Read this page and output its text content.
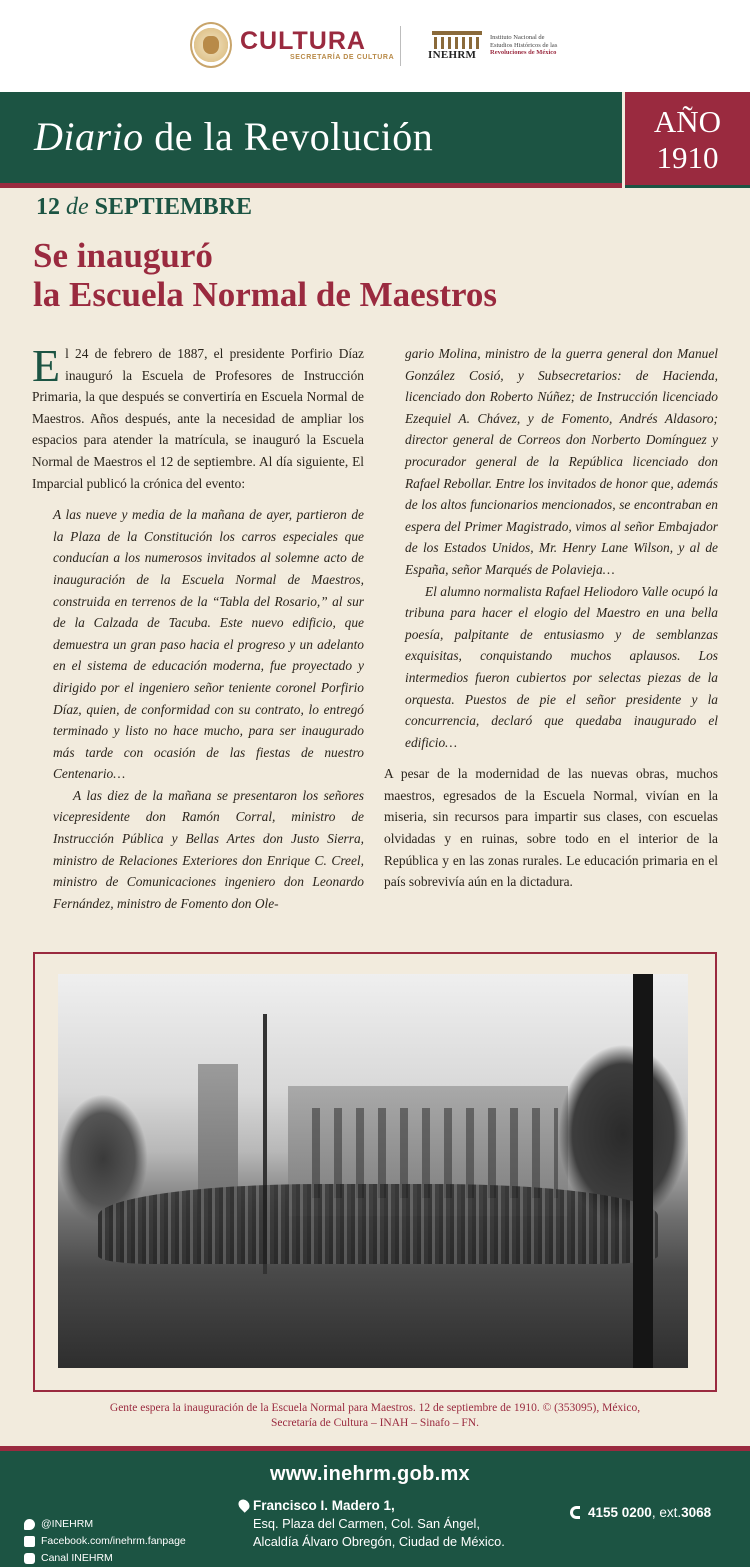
CULTURA
SECRETARÍA DE CULTURA	INEHRM
Instituto Nacional de
Estudios Históricos de las
Revoluciones de México
Diario de la Revolución	AÑO
1910
12 de SEPTIEMBRE
Se inauguró
la Escuela Normal de Maestros

El 24 de febrero de 1887, el presidente Porfirio Díaz inauguró la Escuela de Profesores de Instrucción Primaria, la que después se convertiría en Escuela Normal de Maestros. Años después, ante la necesidad de ampliar los espacios para atender la matrícula, se inauguró la Escuela Normal de Maestros el 12 de septiembre. Al día siguiente, El Imparcial publicó la crónica del evento:

A las nueve y media de la mañana de ayer, partieron de la Plaza de la Constitución los carros especiales que conducían a los numerosos invitados al solemne acto de inauguración de la Escuela Normal de Maestros, construida en terrenos de la “Tabla del Rosario,” al sur de la Calzada de Tacuba. Este nuevo edificio, que demuestra un gran paso hacia el progreso y un adelanto en el sistema de educación moderna, fue proyectado y dirigido por el ingeniero señor teniente coronel Porfirio Díaz, quien, de conformidad con su contrato, lo entregó terminado y listo no hace mucho, para ser inaugurado más tarde con ocasión de las fiestas de nuestro Centenario…

A las diez de la mañana se presentaron los señores vicepresidente don Ramón Corral, ministro de Instrucción Pública y Bellas Artes don Justo Sierra, ministro de Relaciones Exteriores don Enrique C. Creel, ministro de Comunicaciones ingeniero don Leonardo Fernández, ministro de Fomento don Ole-

gario Molina, ministro de la guerra general don Manuel González Cosió, y Subsecretarios: de Hacienda, licenciado don Roberto Núñez; de Instrucción licenciado Ezequiel A. Chávez, y de Fomento, Andrés Aldasoro; director general de Correos don Norberto Domínguez y procurador general de la República licenciado don Rafael Rebollar. Entre los invitados de honor que, además de los altos funcionarios mencionados, se encontraban en espera del Primer Magistrado, vimos al señor Embajador de los Estados Unidos, Mr. Henry Lane Wilson, y al de España, señor Marqués de Polavieja…

El alumno normalista Rafael Heliodoro Valle ocupó la tribuna para hacer el elogio del Maestro en una bella poesía, palpitante de entusiasmo y de semblanzas exquisitas, conquistando muchos aplausos. Los intermedios fueron cubiertos por selectas piezas de la orquesta. Puestos de pie el señor presidente y la concurrencia, declaró que quedaba inaugurado el edificio…

A pesar de la modernidad de las nuevas obras, muchos maestros, egresados de la Escuela Normal, vivían en la miseria, sin recursos para impartir sus clases, con escuelas olvidadas y en ruinas, sobre todo en el interior de la República y en las zonas rurales. Le educación primaria en el país sobrevivía aún en la dictadura.

Gente espera la inauguración de la Escuela Normal para Maestros. 12 de septiembre de 1910. © (353095), México,
Secretaría de Cultura – INAH – Sinafo – FN.
www.inehrm.gob.mx
@INEHRM
Facebook.com/inehrm.fanpage
Canal INEHRM
Francisco I. Madero 1,
Esq. Plaza del Carmen, Col. San Ángel,
Alcaldía Álvaro Obregón, Ciudad de México.
4155 0200 , ext. 3068
